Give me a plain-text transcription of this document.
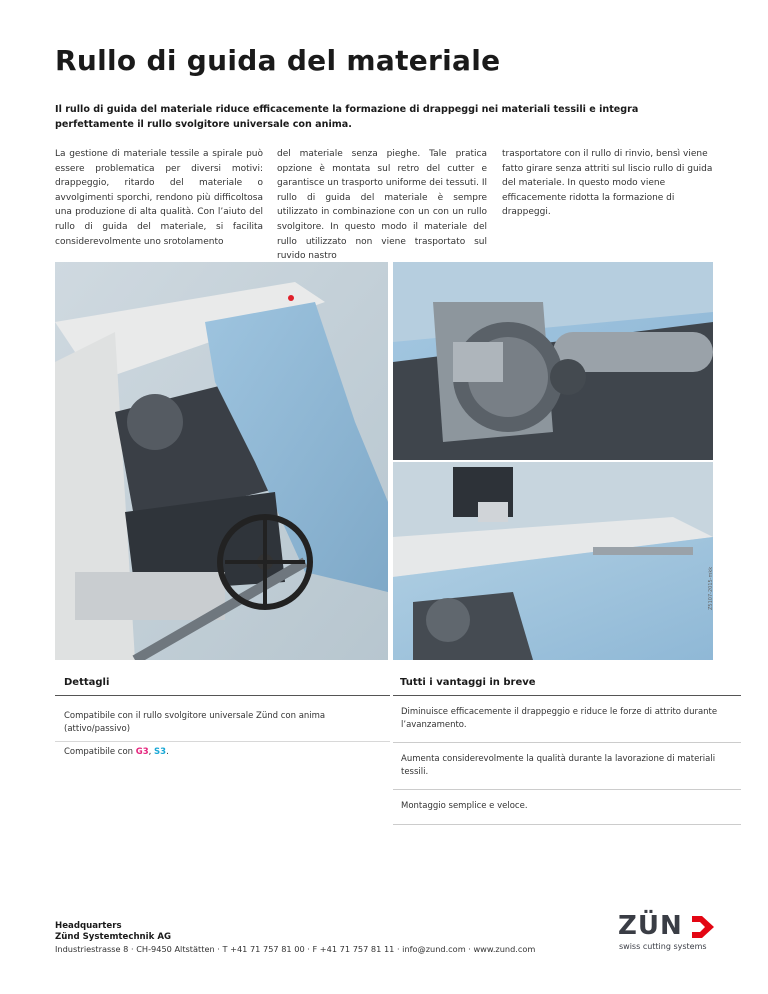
Rullo di guida del materiale

Il rullo di guida del materiale riduce efficacemente la formazione di drappeggi nei materiali tessili e integra perfettamente il rullo svolgitore universale con anima.

La gestione di materiale tessile a spirale può essere problematica per diversi motivi: drappeggio, ritardo del materiale o avvolgimenti sporchi, rendono più difficoltosa una produzione di alta qualità. Con l’aiuto del rullo di guida del materiale, si facilita considerevolmente uno srotolamento

del materiale senza pieghe. Tale pratica opzione è montata sul retro del cutter e garantisce un trasporto uniforme dei tessuti. Il rullo di guida del materiale è sempre utilizzato in combinazione con un con un rullo svolgitore. In questo modo il materiale del rullo utilizzato non viene trasportato sul ruvido nastro

trasportatore con il rullo di rinvio, bensì viene fatto girare senza attriti sul liscio rullo di guida del materiale. In questo modo viene efficacemente ridotta la formazione di drappeggi.

Z5107-2015-mkk
Dettagli
Compatibile con il rullo svolgitore universale Zünd con anima (attivo/passivo)
Compatibile con G3, S3.
Tutti i vantaggi in breve
Diminuisce efficacemente il drappeggio e riduce le forze di attrito durante l’avanzamento.
Aumenta considerevolmente la qualità durante la lavorazione di materiali tessili.
Montaggio semplice e veloce.
Headquarters
Zünd Systemtechnik AG
Industriestrasse 8 · CH-9450 Altstätten · T +41 71 757 81 00 · F +41 71 757 81 11 · info@zund.com · www.zund.com
ZÜN
swiss cutting systems
